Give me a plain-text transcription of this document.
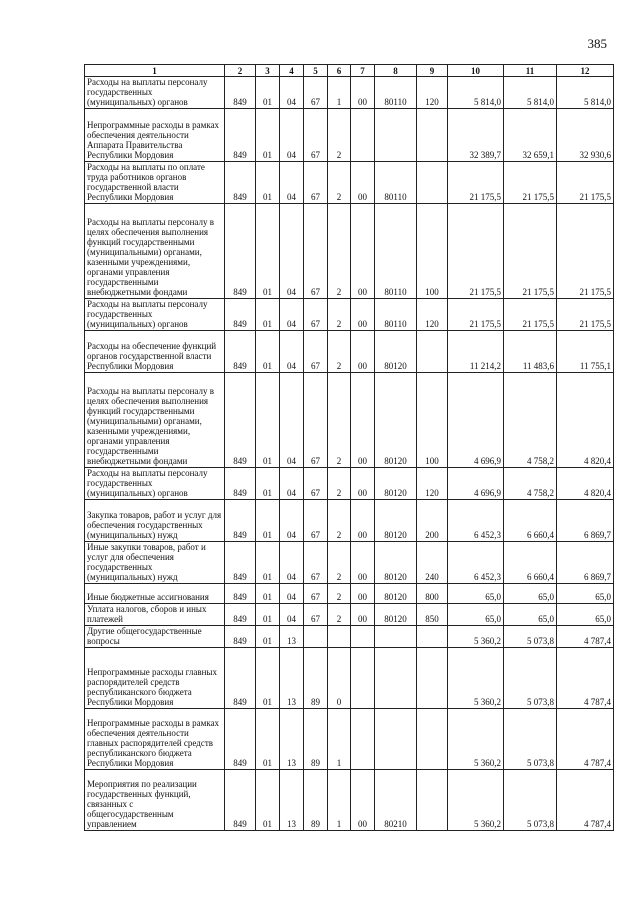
385
1	2	3	4	5	6	7	8	9	10	11	12
Расходы на выплаты персоналу государственных (муниципальных) органов	849	01	04	67	1	00	80110	120	5 814,0	5 814,0	5 814,0
Непрограммные расходы в рамках обеспечения деятельности Аппарата Правительства Республики Мордовия	849	01	04	67	2				32 389,7	32 659,1	32 930,6
Расходы на выплаты по оплате труда работников органов государственной власти Республики Мордовия	849	01	04	67	2	00	80110		21 175,5	21 175,5	21 175,5
Расходы на выплаты персоналу в целях обеспечения выполнения функций государственными (муниципальными) органами, казенными учреждениями, органами управления государственными внебюджетными фондами	849	01	04	67	2	00	80110	100	21 175,5	21 175,5	21 175,5
Расходы на выплаты персоналу государственных (муниципальных) органов	849	01	04	67	2	00	80110	120	21 175,5	21 175,5	21 175,5
Расходы на обеспечение функций органов государственной власти Республики Мордовия	849	01	04	67	2	00	80120		11 214,2	11 483,6	11 755,1
Расходы на выплаты персоналу в целях обеспечения выполнения функций государственными (муниципальными) органами, казенными учреждениями, органами управления государственными внебюджетными фондами	849	01	04	67	2	00	80120	100	4 696,9	4 758,2	4 820,4
Расходы на выплаты персоналу государственных (муниципальных) органов	849	01	04	67	2	00	80120	120	4 696,9	4 758,2	4 820,4
Закупка товаров, работ и услуг для обеспечения государственных (муниципальных) нужд	849	01	04	67	2	00	80120	200	6 452,3	6 660,4	6 869,7
Иные закупки товаров, работ и услуг для обеспечения государственных (муниципальных) нужд	849	01	04	67	2	00	80120	240	6 452,3	6 660,4	6 869,7
Иные бюджетные ассигнования	849	01	04	67	2	00	80120	800	65,0	65,0	65,0
Уплата налогов, сборов и иных платежей	849	01	04	67	2	00	80120	850	65,0	65,0	65,0
Другие общегосударственные вопросы	849	01	13						5 360,2	5 073,8	4 787,4
Непрограммные расходы главных распорядителей средств республиканского бюджета Республики Мордовия	849	01	13	89	0				5 360,2	5 073,8	4 787,4
Непрограммные расходы в рамках обеспечения деятельности главных распорядителей средств республиканского бюджета Республики Мордовия	849	01	13	89	1				5 360,2	5 073,8	4 787,4
Мероприятия по реализации государственных функций, связанных с общегосударственным управлением	849	01	13	89	1	00	80210		5 360,2	5 073,8	4 787,4
